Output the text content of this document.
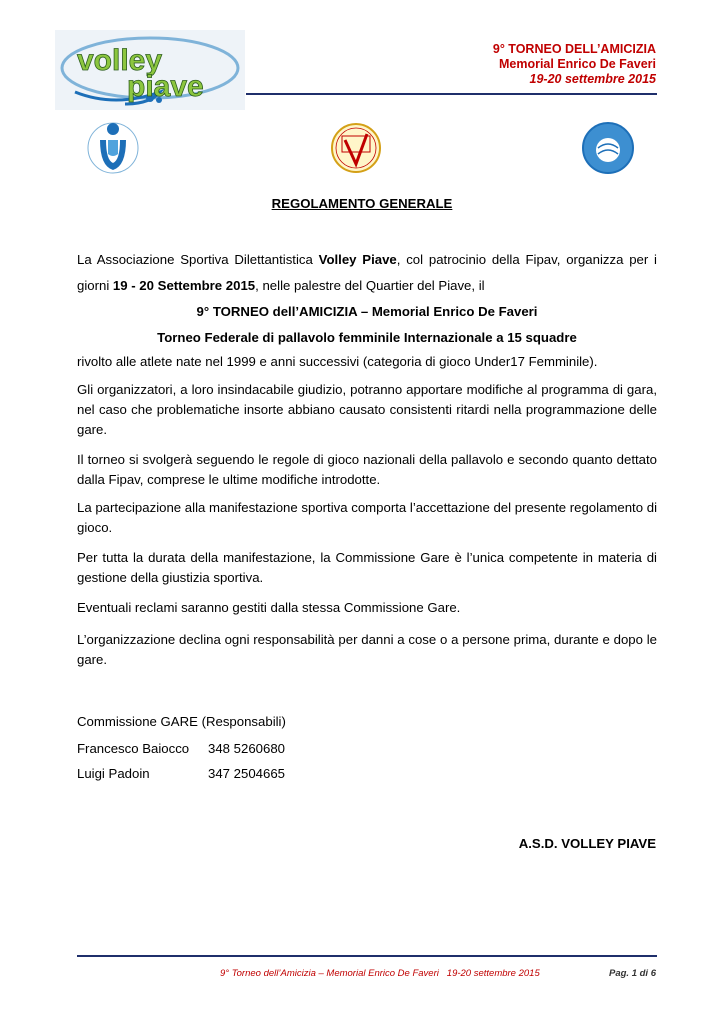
volley
piave
9° TORNEO DELL’AMICIZIA
Memorial Enrico De Faveri
19-20 settembre 2015
REGOLAMENTO GENERALE
La Associazione Sportiva Dilettantistica Volley Piave, col patrocinio della Fipav, organizza per i giorni 19 - 20 Settembre 2015, nelle palestre del Quartier del Piave, il
9° TORNEO dell’AMICIZIA – Memorial Enrico De Faveri
Torneo Federale di pallavolo femminile Internazionale a 15 squadre
rivolto alle atlete nate nel 1999 e anni successivi (categoria di gioco Under17 Femminile).
Gli organizzatori, a loro insindacabile giudizio, potranno apportare modifiche al programma di gara, nel caso che problematiche insorte abbiano causato consistenti ritardi nella programmazione delle gare.
Il torneo si svolgerà seguendo le regole di gioco nazionali della pallavolo e secondo quanto dettato dalla Fipav, comprese le ultime modifiche introdotte.
La partecipazione alla manifestazione sportiva comporta l’accettazione del presente regolamento di gioco.
Per tutta la durata della manifestazione, la Commissione Gare è l’unica competente in materia di gestione della giustizia sportiva.
Eventuali reclami saranno gestiti dalla stessa Commissione Gare.
L’organizzazione declina ogni responsabilità per danni a cose o a persone prima, durante e dopo le gare.
Commissione GARE (Responsabili)
Francesco Baiocco 348 5260680
Luigi Padoin	347 2504665
A.S.D. VOLLEY PIAVE
9° Torneo dell’Amicizia – Memorial Enrico De Faveri   19-20 settembre 2015	Pag. 1 di 6
